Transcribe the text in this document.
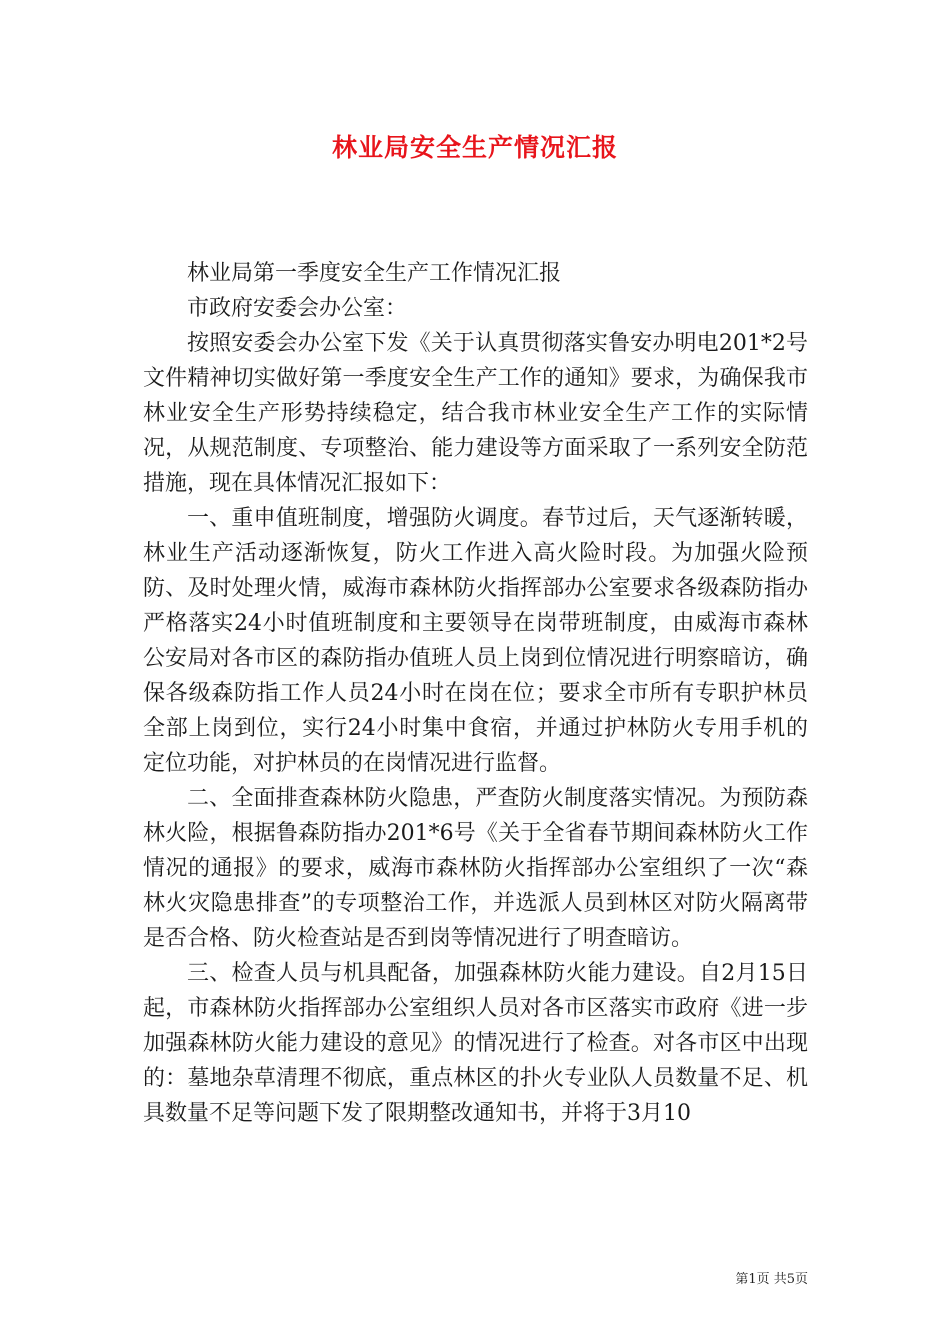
林业局安全生产情况汇报

林业局第一季度安全生产工作情况汇报

市政府安委会办公室：

按照安委会办公室下发《关于认真贯彻落实鲁安办明电201*2号文件精神切实做好第一季度安全生产工作的通知》要求，为确保我市林业安全生产形势持续稳定，结合我市林业安全生产工作的实际情况，从规范制度、专项整治、能力建设等方面采取了一系列安全防范措施，现在具体情况汇报如下：

一、重申值班制度，增强防火调度。春节过后，天气逐渐转暖，林业生产活动逐渐恢复，防火工作进入高火险时段。为加强火险预防、及时处理火情，威海市森林防火指挥部办公室要求各级森防指办严格落实24小时值班制度和主要领导在岗带班制度，由威海市森林公安局对各市区的森防指办值班人员上岗到位情况进行明察暗访，确保各级森防指工作人员24小时在岗在位；要求全市所有专职护林员全部上岗到位，实行24小时集中食宿，并通过护林防火专用手机的定位功能，对护林员的在岗情况进行监督。

二、全面排查森林防火隐患，严查防火制度落实情况。为预防森林火险，根据鲁森防指办201*6号《关于全省春节期间森林防火工作情况的通报》的要求，威海市森林防火指挥部办公室组织了一次“森林火灾隐患排查”的专项整治工作，并选派人员到林区对防火隔离带是否合格、防火检查站是否到岗等情况进行了明查暗访。

三、检查人员与机具配备，加强森林防火能力建设。自2月15日起，市森林防火指挥部办公室组织人员对各市区落实市政府《进一步加强森林防火能力建设的意见》的情况进行了检查。对各市区中出现的：墓地杂草清理不彻底，重点林区的扑火专业队人员数量不足、机具数量不足等问题下发了限期整改通知书，并将于3月10

第1页 共5页
